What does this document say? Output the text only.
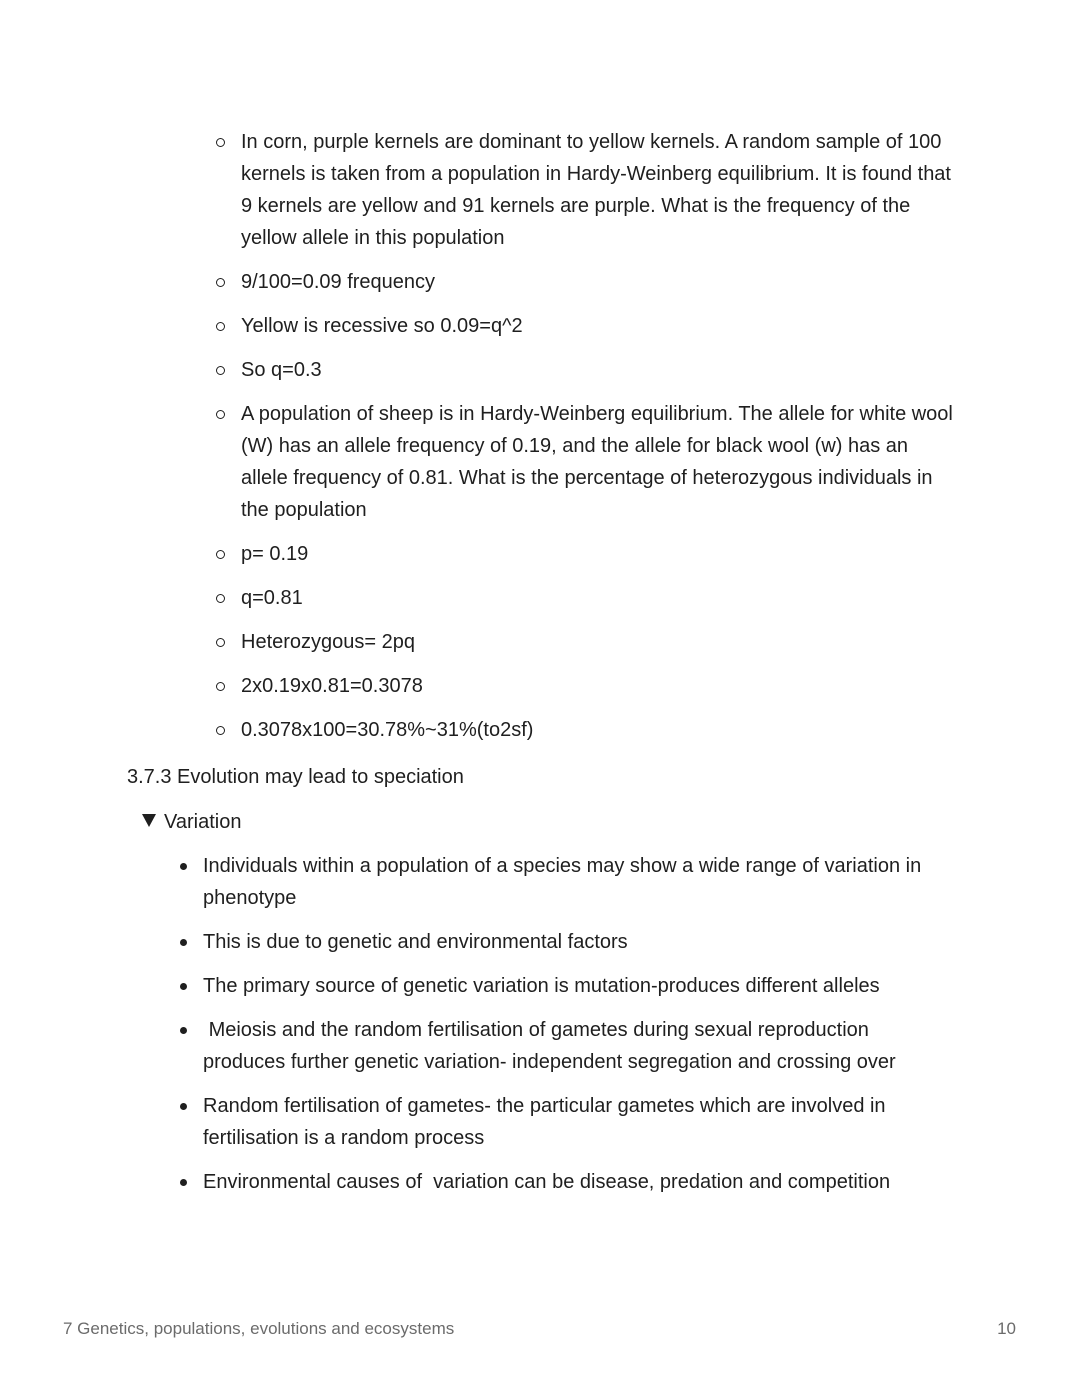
In corn, purple kernels are dominant to yellow kernels. A random sample of 100 kernels is taken from a population in Hardy-Weinberg equilibrium. It is found that 9 kernels are yellow and 91 kernels are purple. What is the frequency of the yellow allele in this population
9/100=0.09 frequency
Yellow is recessive so 0.09=q^2
So q=0.3
A population of sheep is in Hardy-Weinberg equilibrium. The allele for white wool (W) has an allele frequency of 0.19, and the allele for black wool (w) has an allele frequency of 0.81. What is the percentage of heterozygous individuals in the population
p= 0.19
q=0.81
Heterozygous= 2pq
2x0.19x0.81=0.3078
0.3078x100=30.78%~31%(to2sf)
3.7.3 Evolution may lead to speciation
Variation
Individuals within a population of a species may show a wide range of variation in phenotype
This is due to genetic and environmental factors
The primary source of genetic variation is mutation-produces different alleles
Meiosis and the random fertilisation of gametes during sexual reproduction produces further genetic variation- independent segregation and crossing over
Random fertilisation of gametes- the particular gametes which are involved in fertilisation is a random process
Environmental causes of  variation can be disease, predation and competition
7 Genetics, populations, evolutions and ecosystems	10
